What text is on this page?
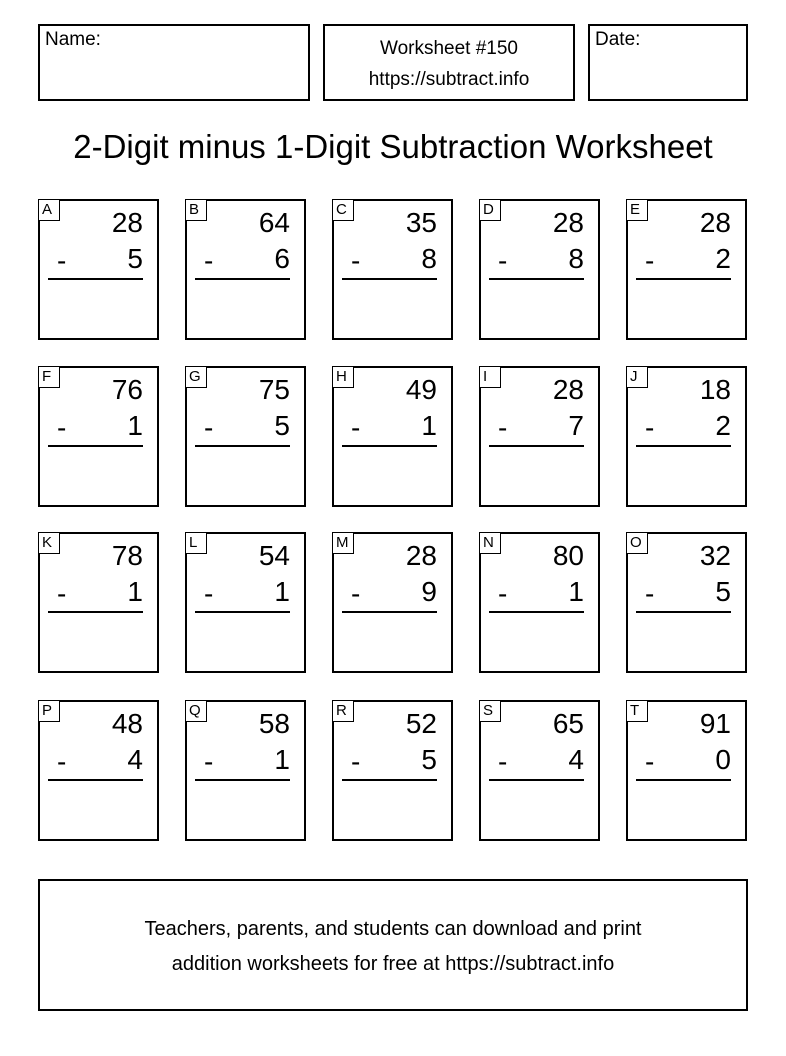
Name:	Worksheet #150
https://subtract.info
Date:
2-Digit minus 1-Digit Subtraction Worksheet
A 28
- 5
B 64
- 6
C 35
- 8
D 28
- 8
E 28
- 2
F	76
- 1
G 75
- 5
H 49
- 1
I	28
- 7
J	18
- 2
K 78
- 1
L	54
- 1
M 28
- 9
N 80
- 1
O 32
- 5
P 48
- 4
Q 58
- 1
R 52
- 5
S 65
- 4
T	91
- 0
Teachers, parents, and students can download and print
addition worksheets for free at https://subtract.info
